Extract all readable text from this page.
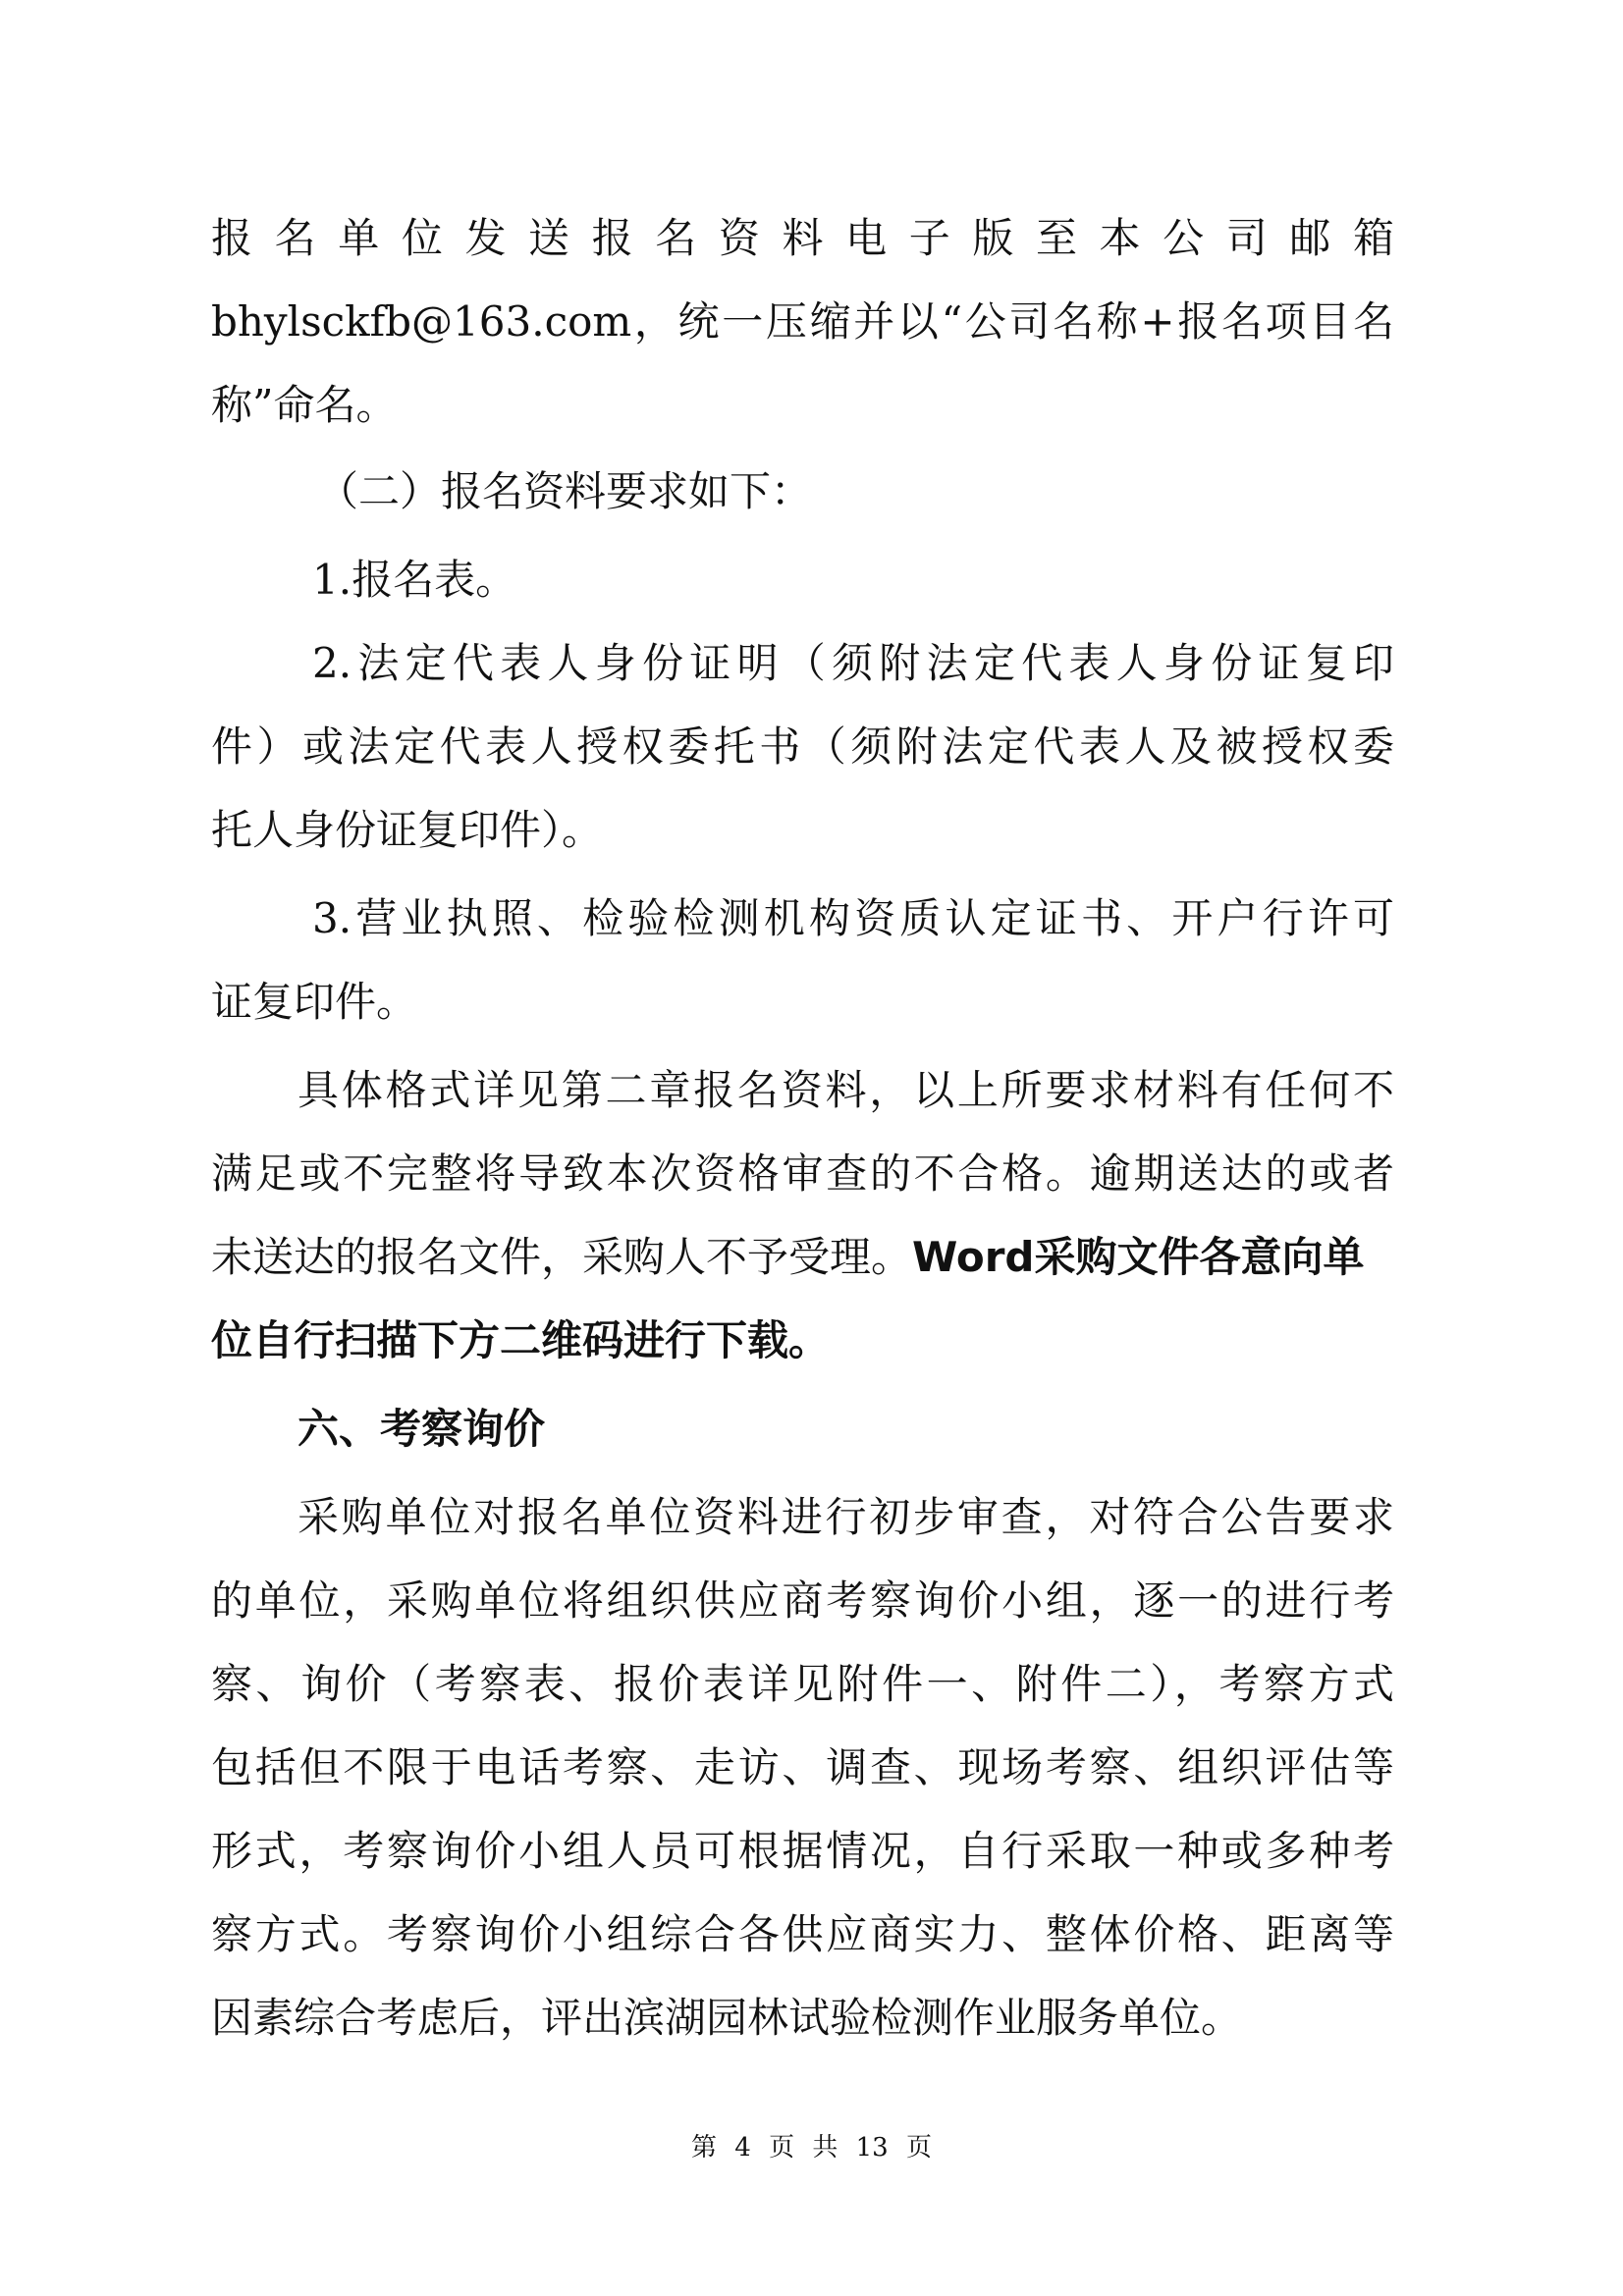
报 名 单 位 发 送 报 名 资 料 电 子 版 至 本 公 司 邮 箱
bhylsckfb@163.com，统一压缩并以“公司名称+报名项目名
称”命名。
（二）报名资料要求如下：
1.报名表。
2.法定代表人身份证明（须附法定代表人身份证复印
件）或法定代表人授权委托书（须附法定代表人及被授权委
托人身份证复印件）。
3.营业执照、检验检测机构资质认定证书、开户行许可
证复印件。
具体格式详见第二章报名资料，以上所要求材料有任何不
满足或不完整将导致本次资格审查的不合格。逾期送达的或者
未送达的报名文件，采购人不予受理。Word采购文件各意向单
位自行扫描下方二维码进行下载。
六、考察询价
采购单位对报名单位资料进行初步审查，对符合公告要求
的单位，采购单位将组织供应商考察询价小组，逐一的进行考
察、询价（考察表、报价表详见附件一、附件二），考察方式
包括但不限于电话考察、走访、调查、现场考察、组织评估等
形式，考察询价小组人员可根据情况，自行采取一种或多种考
察方式。考察询价小组综合各供应商实力、整体价格、距离等
因素综合考虑后，评出滨湖园林试验检测作业服务单位。
第 4 页 共 13 页
